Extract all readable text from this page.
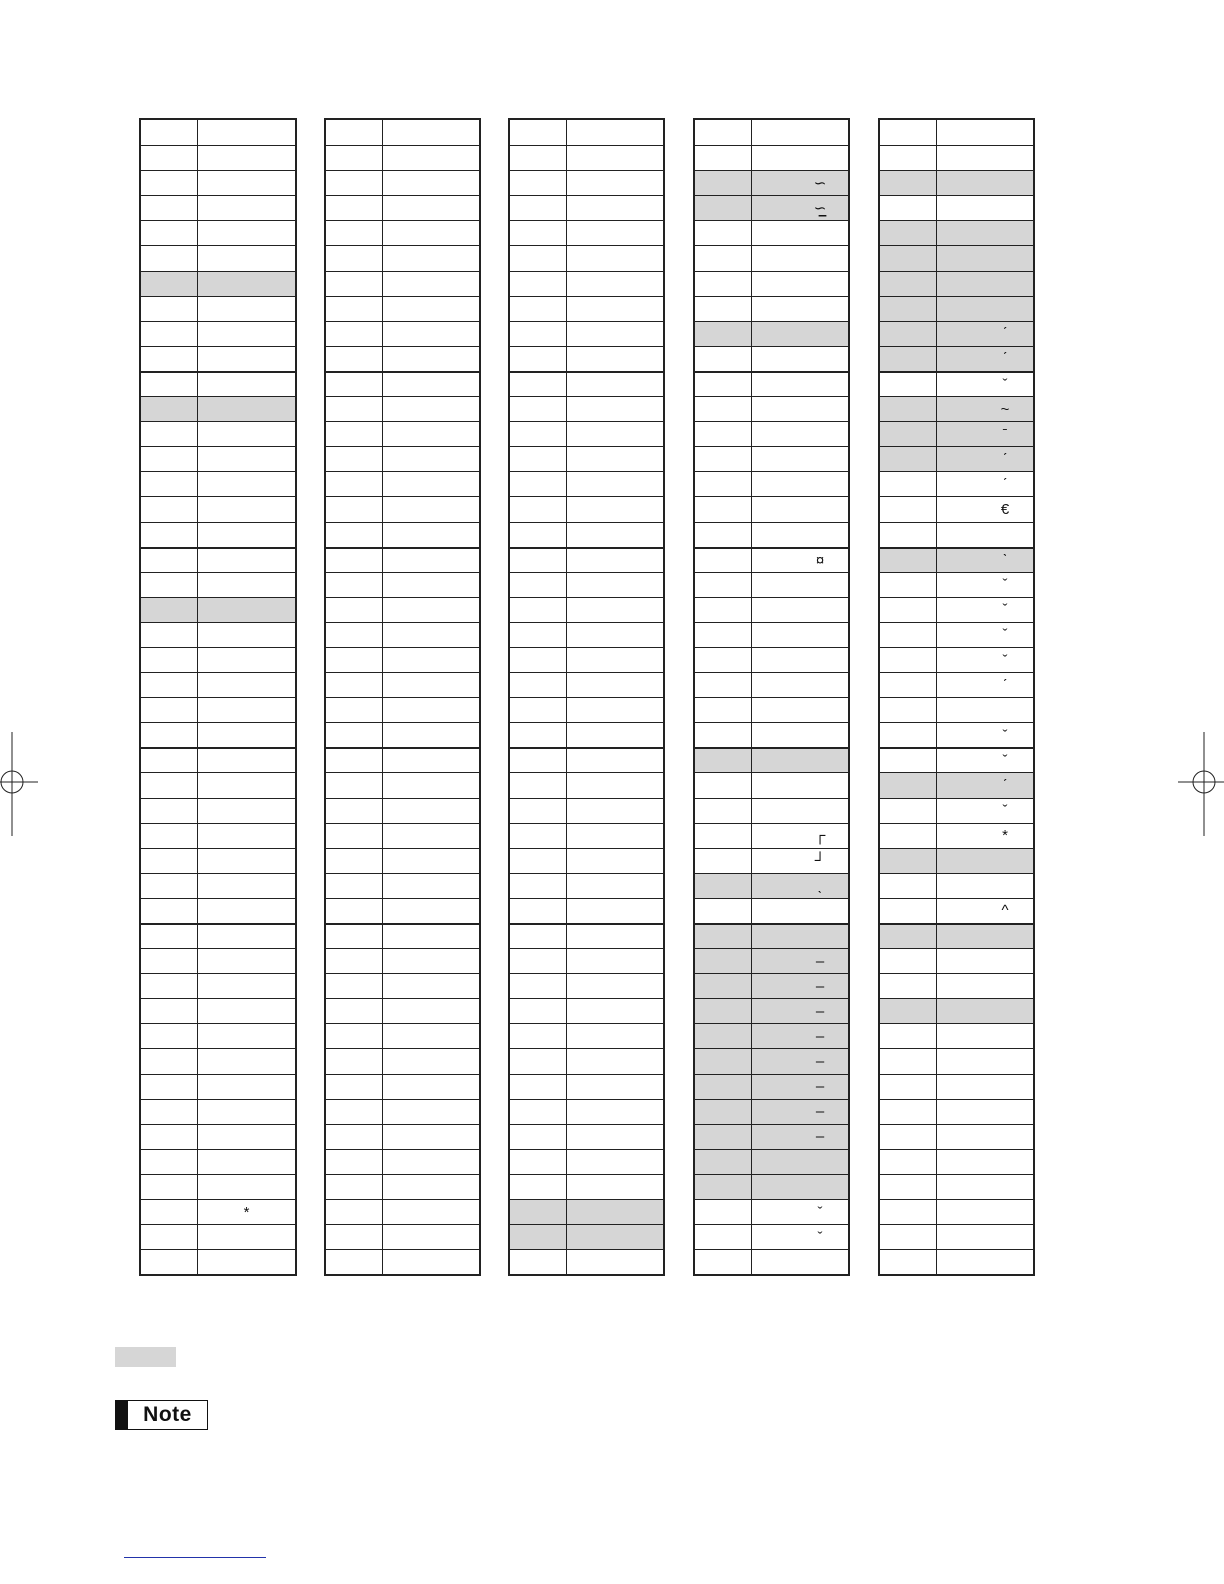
*
∽
∽̲
¤
┌
┘
ˎ
‒
‒
‒
‒
‒
‒
‒
‒
ˇ
ˇ
ˊ
ˊ
ˇ
~
ˉ
ˊ
ˊ
€
ˋ
ˇ
ˇ
ˇ
ˇ
ˊ
ˇ
ˇ
ˊ
ˇ
*
^
Note
